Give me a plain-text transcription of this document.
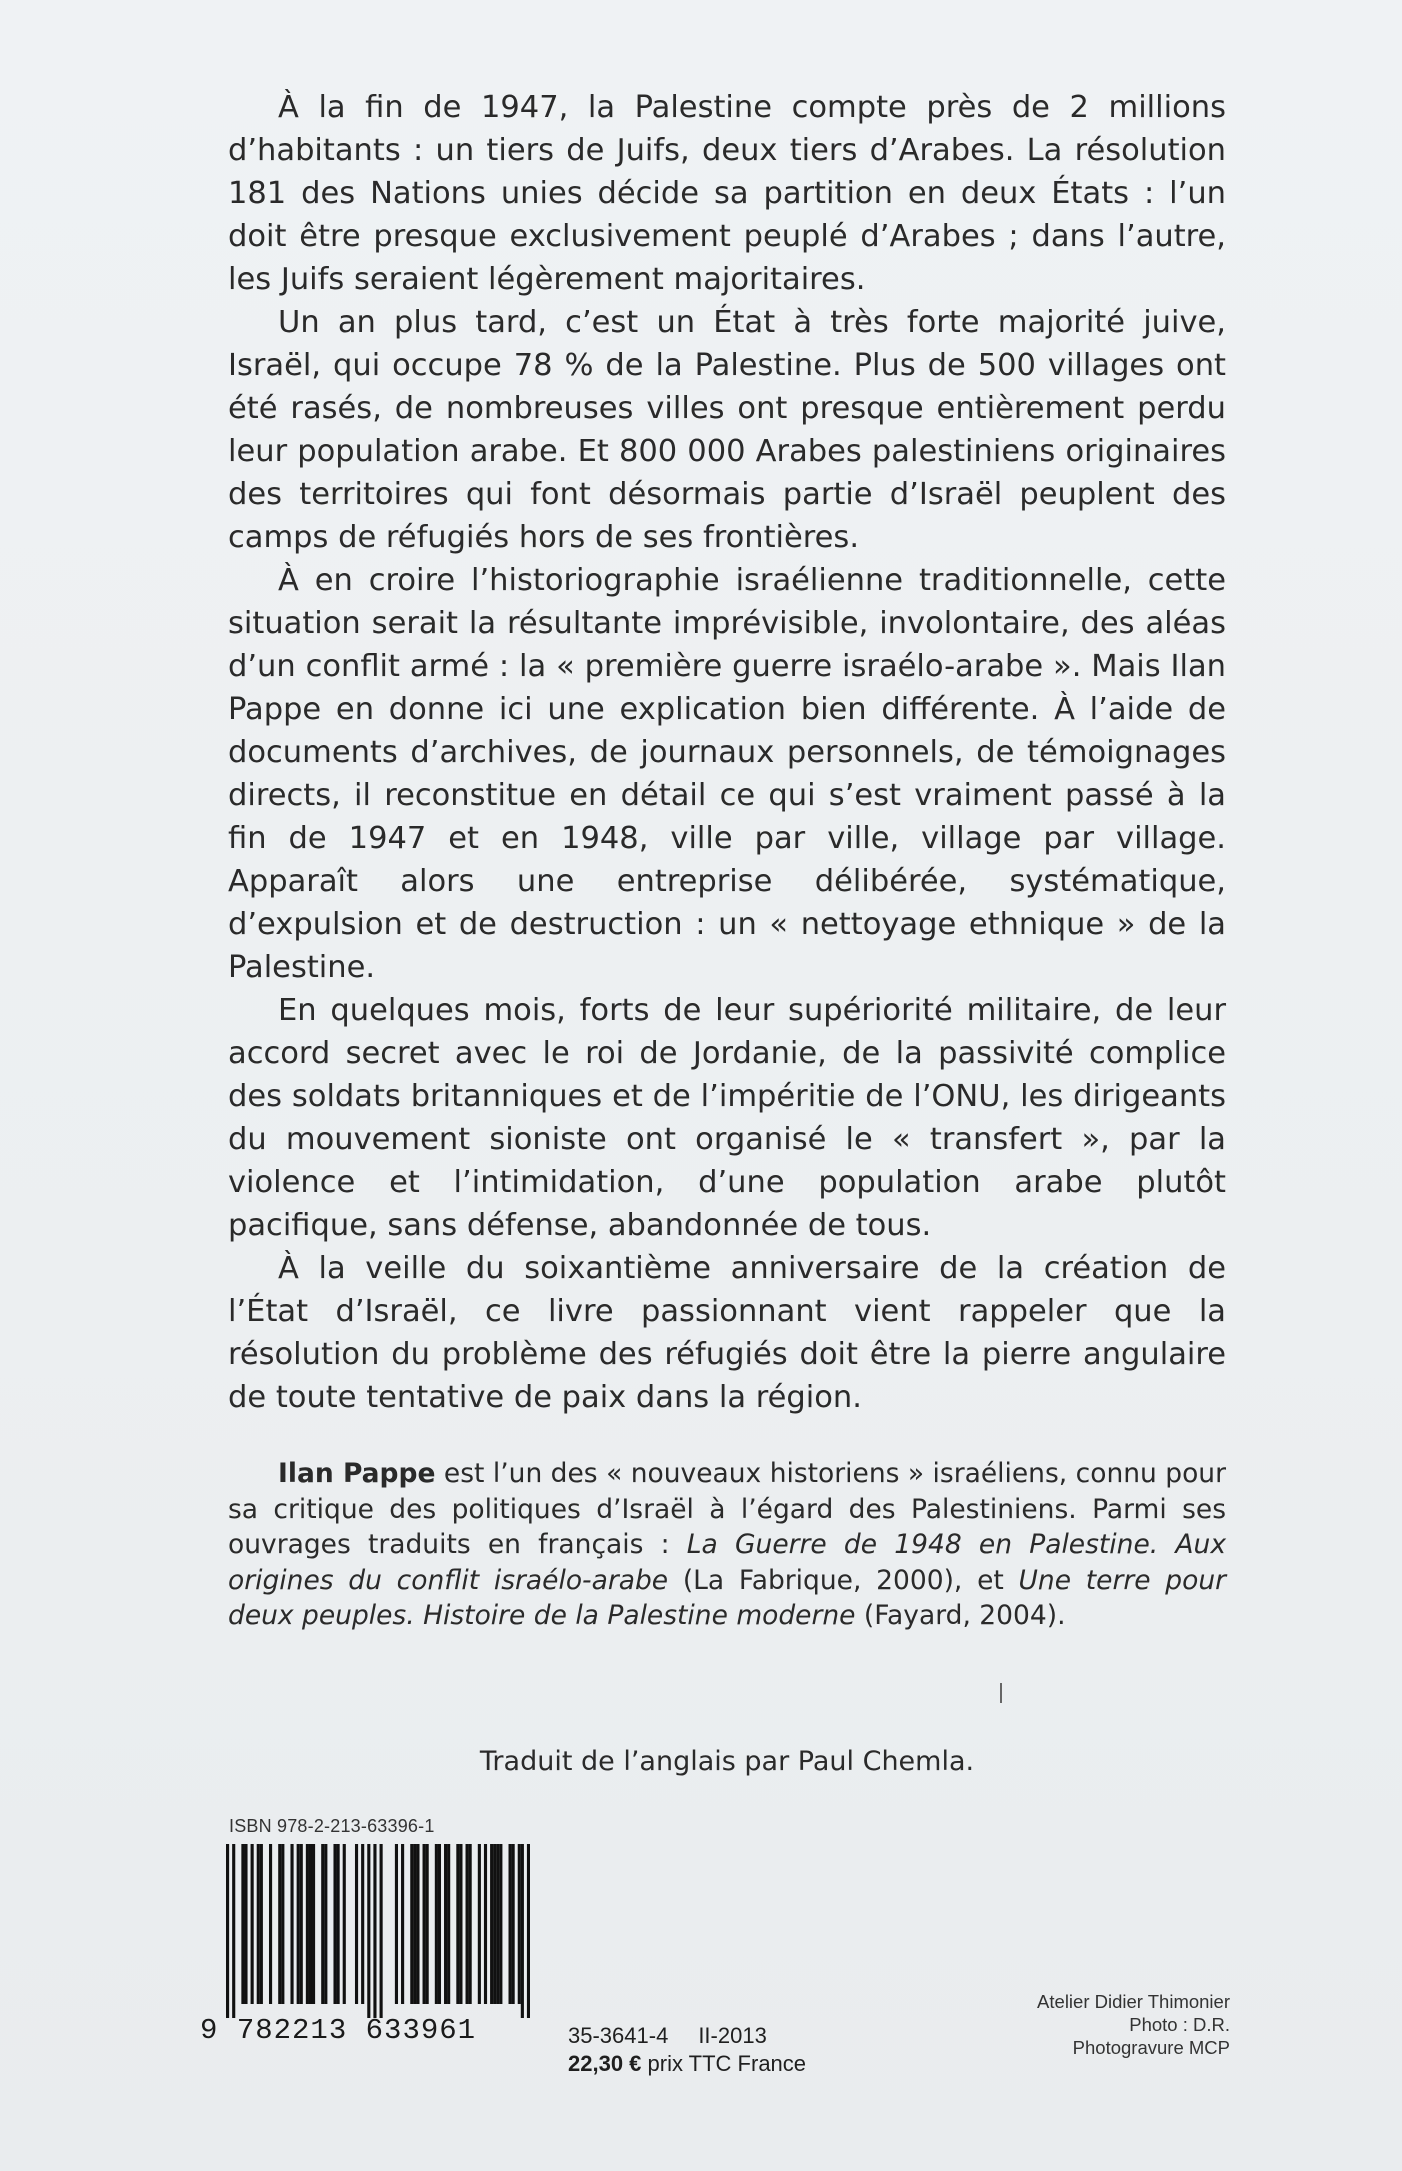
À la fin de 1947, la Palestine compte près de 2 millions d’habitants : un tiers de Juifs, deux tiers d’Arabes. La résolution 181 des Nations unies décide sa partition en deux États : l’un doit être presque exclusivement peuplé d’Arabes ; dans l’autre, les Juifs seraient légèrement majoritaires.

Un an plus tard, c’est un État à très forte majorité juive, Israël, qui occupe 78 % de la Palestine. Plus de 500 villages ont été rasés, de nombreuses villes ont presque entièrement perdu leur population arabe. Et 800 000 Arabes palestiniens originaires des territoires qui font désormais partie d’Israël peuplent des camps de réfugiés hors de ses frontières.

À en croire l’historiographie israélienne traditionnelle, cette situation serait la résultante imprévisible, involontaire, des aléas d’un conflit armé : la « première guerre israélo-arabe ». Mais Ilan Pappe en donne ici une explication bien différente. À l’aide de documents d’archives, de journaux personnels, de témoignages directs, il reconstitue en détail ce qui s’est vraiment passé à la fin de 1947 et en 1948, ville par ville, village par village. Apparaît alors une entreprise délibérée, systématique, d’expulsion et de destruction : un « nettoyage ethnique » de la Palestine.

En quelques mois, forts de leur supériorité militaire, de leur accord secret avec le roi de Jordanie, de la passivité complice des soldats britanniques et de l’impéritie de l’ONU, les dirigeants du mouvement sioniste ont organisé le « transfert », par la violence et l’intimidation, d’une population arabe plutôt pacifique, sans défense, abandonnée de tous.

À la veille du soixantième anniversaire de la création de l’État d’Israël, ce livre passionnant vient rappeler que la résolution du problème des réfugiés doit être la pierre angulaire de toute tentative de paix dans la région.

Ilan Pappe est l’un des « nouveaux historiens » israéliens, connu pour sa critique des politiques d’Israël à l’égard des Palestiniens. Parmi ses ouvrages traduits en français : La Guerre de 1948 en Palestine. Aux origines du conflit israélo-arabe (La Fabrique, 2000), et Une terre pour deux peuples. Histoire de la Palestine moderne (Fayard, 2004).

Traduit de l’anglais par Paul Chemla.
ISBN 978-2-213-63396-1
9 782213 633961	35-3641-4 II-2013
22,30 € prix TTC France
Atelier Didier Thimonier
Photo : D.R.
Photogravure MCP
